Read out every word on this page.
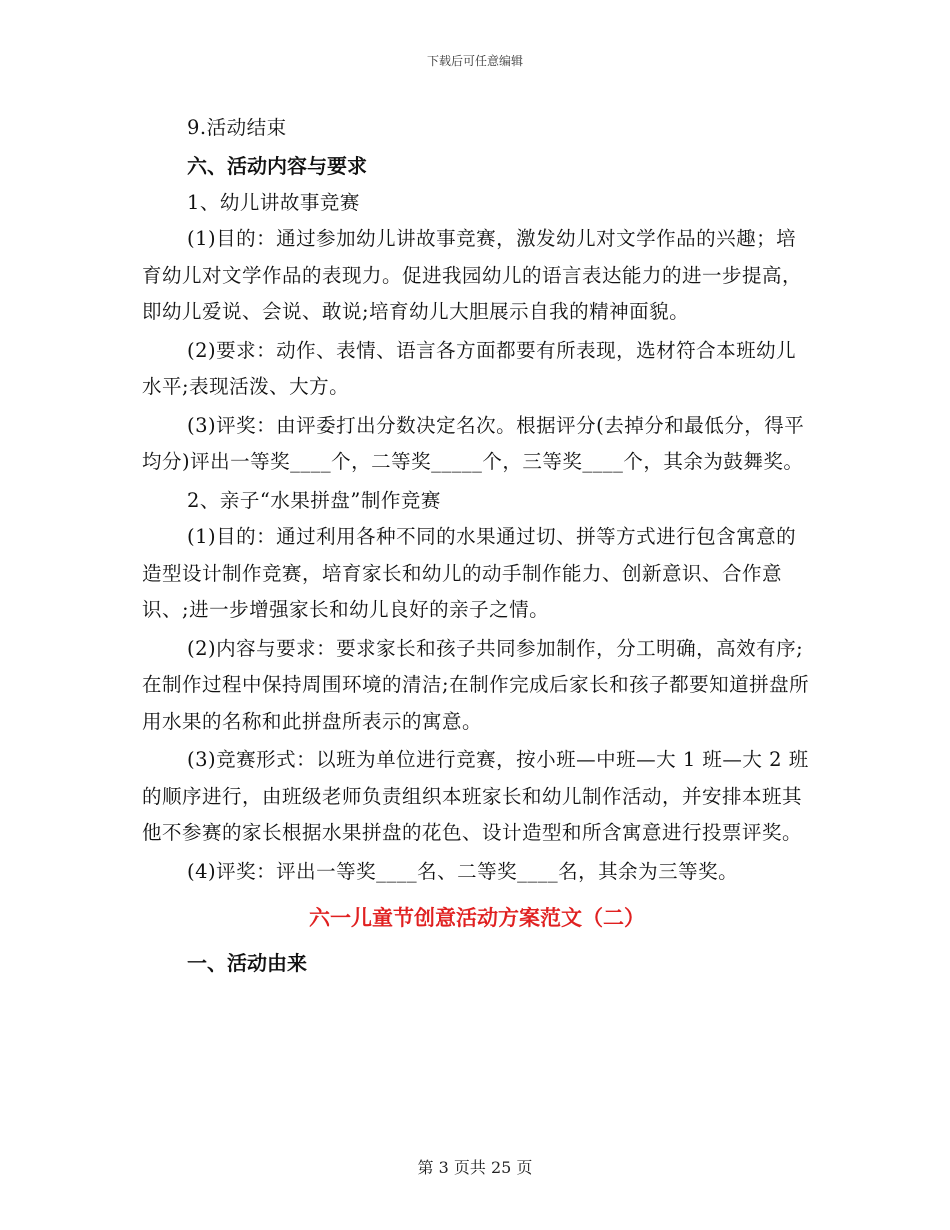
下载后可任意编辑

9.活动结束

六、活动内容与要求

1、幼儿讲故事竞赛

(1)目的：通过参加幼儿讲故事竞赛，激发幼儿对文学作品的兴趣；培育幼儿对文学作品的表现力。促进我园幼儿的语言表达能力的进一步提高，即幼儿爱说、会说、敢说;培育幼儿大胆展示自我的精神面貌。

(2)要求：动作、表情、语言各方面都要有所表现，选材符合本班幼儿水平;表现活泼、大方。

(3)评奖：由评委打出分数决定名次。根据评分(去掉分和最低分，得平均分)评出一等奖____个，二等奖_____个，三等奖____个，其余为鼓舞奖。

2、亲子“水果拼盘”制作竞赛

(1)目的：通过利用各种不同的水果通过切、拼等方式进行包含寓意的造型设计制作竞赛，培育家长和幼儿的动手制作能力、创新意识、合作意识、;进一步增强家长和幼儿良好的亲子之情。

(2)内容与要求：要求家长和孩子共同参加制作，分工明确，高效有序;在制作过程中保持周围环境的清洁;在制作完成后家长和孩子都要知道拼盘所用水果的名称和此拼盘所表示的寓意。

(3)竞赛形式：以班为单位进行竞赛，按小班—中班—大 1 班—大 2 班的顺序进行，由班级老师负责组织本班家长和幼儿制作活动，并安排本班其他不参赛的家长根据水果拼盘的花色、设计造型和所含寓意进行投票评奖。

(4)评奖：评出一等奖____名、二等奖____名，其余为三等奖。

六一儿童节创意活动方案范文（二）

一、活动由来

第 3 页共 25 页
